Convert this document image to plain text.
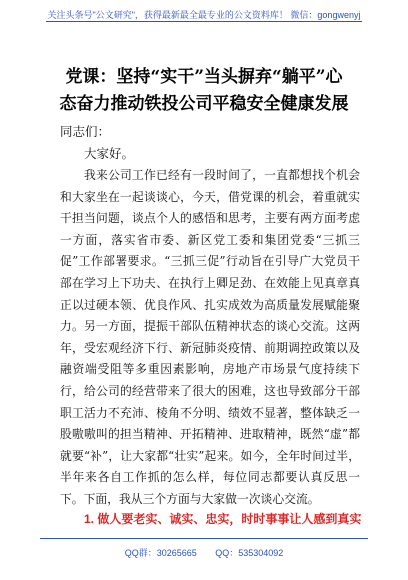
关注头条号"公文研究"，获得最新最全最专业的公文资料库！ 微信：gongwenyj
党课：坚持“实干”当头摒弃“躺平”心
态奋力推动铁投公司平稳安全健康发展
同志们：
大家好。
我来公司工作已经有一段时间了，一直都想找个机会和大家坐在一起谈谈心，今天，借党课的机会，着重就实干担当问题，谈点个人的感悟和思考，主要有两方面考虑一方面，落实省市委、新区党工委和集团党委“三抓三促”工作部署要求。“三抓三促”行动旨在引导广大党员干部在学习上下功夫、在执行上卿足劲、在效能上见真章真正以过硬本领、优良作风、扎实成效为高质量发展赋能聚力。另一方面，提振干部队伍精神状态的谈心交流。这两年，受宏观经济下行、新冠肺炎疫情、前期调控政策以及融资端受阻等多重因素影响，房地产市场景气度持续下行，给公司的经营带来了很大的困难，这也导致部分干部职工活力不充沛、棱角不分明、绩效不显著，整体缺乏一股嗷嗷叫的担当精神、开拓精神、进取精神，既然“虚”都就要“补”，让大家都“壮实”起来。如今，全年时间过半，半年来各自工作抓的怎么样，每位同志都要认真反思一下。下面，我从三个方面与大家做一次谈心交流。
1. 做人要老实、诚实、忠实，时时事事让人感到真实
QQ群：30265665 QQ：535304092
